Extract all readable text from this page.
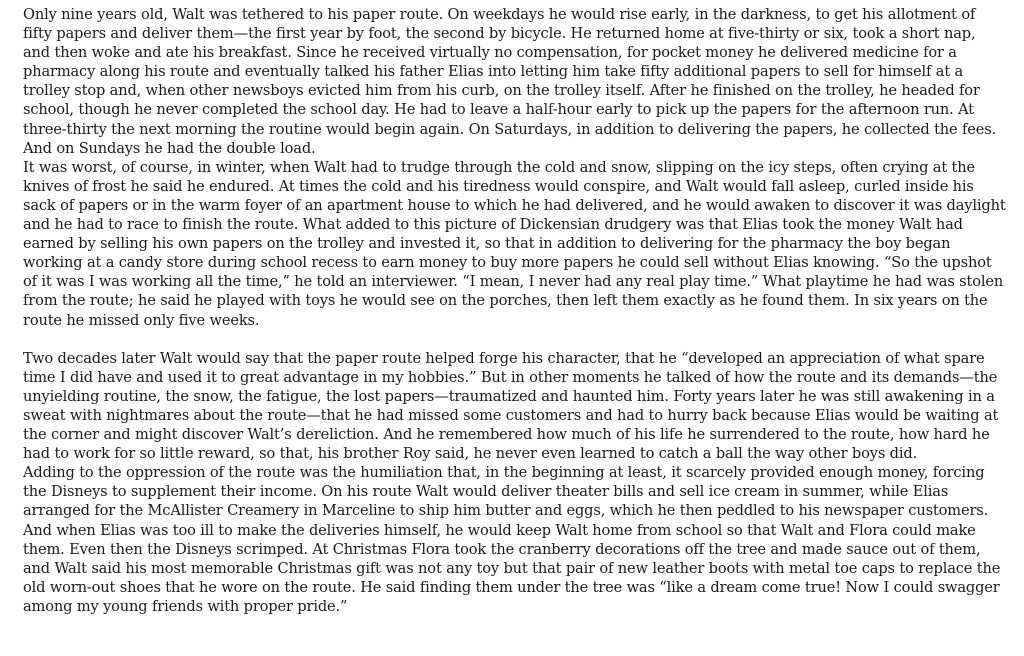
Only nine years old, Walt was tethered to his paper route. On weekdays he would rise early, in the darkness, to get his allotment of fifty papers and deliver them—the first year by foot, the second by bicycle. He returned home at five-thirty or six, took a short nap, and then woke and ate his breakfast. Since he received virtually no compensation, for pocket money he delivered medicine for a pharmacy along his route and eventually talked his father Elias into letting him take fifty additional papers to sell for himself at a trolley stop and, when other newsboys evicted him from his curb, on the trolley itself. After he finished on the trolley, he headed for school, though he never completed the school day. He had to leave a half-hour early to pick up the papers for the afternoon run. At three-thirty the next morning the routine would begin again. On Saturdays, in addition to delivering the papers, he collected the fees. And on Sundays he had the double load.

It was worst, of course, in winter, when Walt had to trudge through the cold and snow, slipping on the icy steps, often crying at the knives of frost he said he endured. At times the cold and his tiredness would conspire, and Walt would fall asleep, curled inside his sack of papers or in the warm foyer of an apartment house to which he had delivered, and he would awaken to discover it was daylight and he had to race to finish the route. What added to this picture of Dickensian drudgery was that Elias took the money Walt had earned by selling his own papers on the trolley and invested it, so that in addition to delivering for the pharmacy the boy began working at a candy store during school recess to earn money to buy more papers he could sell without Elias knowing. “So the upshot of it was I was working all the time,” he told an interviewer. “I mean, I never had any real play time.” What playtime he had was stolen from the route; he said he played with toys he would see on the porches, then left them exactly as he found them. In six years on the route he missed only five weeks.

Two decades later Walt would say that the paper route helped forge his character, that he “developed an appreciation of what spare time I did have and used it to great advantage in my hobbies.” But in other moments he talked of how the route and its demands—the unyielding routine, the snow, the fatigue, the lost papers—traumatized and haunted him. Forty years later he was still awakening in a sweat with nightmares about the route—that he had missed some customers and had to hurry back because Elias would be waiting at the corner and might discover Walt’s dereliction. And he remembered how much of his life he surrendered to the route, how hard he had to work for so little reward, so that, his brother Roy said, he never even learned to catch a ball the way other boys did.

Adding to the oppression of the route was the humiliation that, in the beginning at least, it scarcely provided enough money, forcing the Disneys to supplement their income. On his route Walt would deliver theater bills and sell ice cream in summer, while Elias arranged for the McAllister Creamery in Marceline to ship him butter and eggs, which he then peddled to his newspaper customers. And when Elias was too ill to make the deliveries himself, he would keep Walt home from school so that Walt and Flora could make them. Even then the Disneys scrimped. At Christmas Flora took the cranberry decorations off the tree and made sauce out of them, and Walt said his most memorable Christmas gift was not any toy but that pair of new leather boots with metal toe caps to replace the old worn-out shoes that he wore on the route. He said finding them under the tree was “like a dream come true! Now I could swagger among my young friends with proper pride.”
